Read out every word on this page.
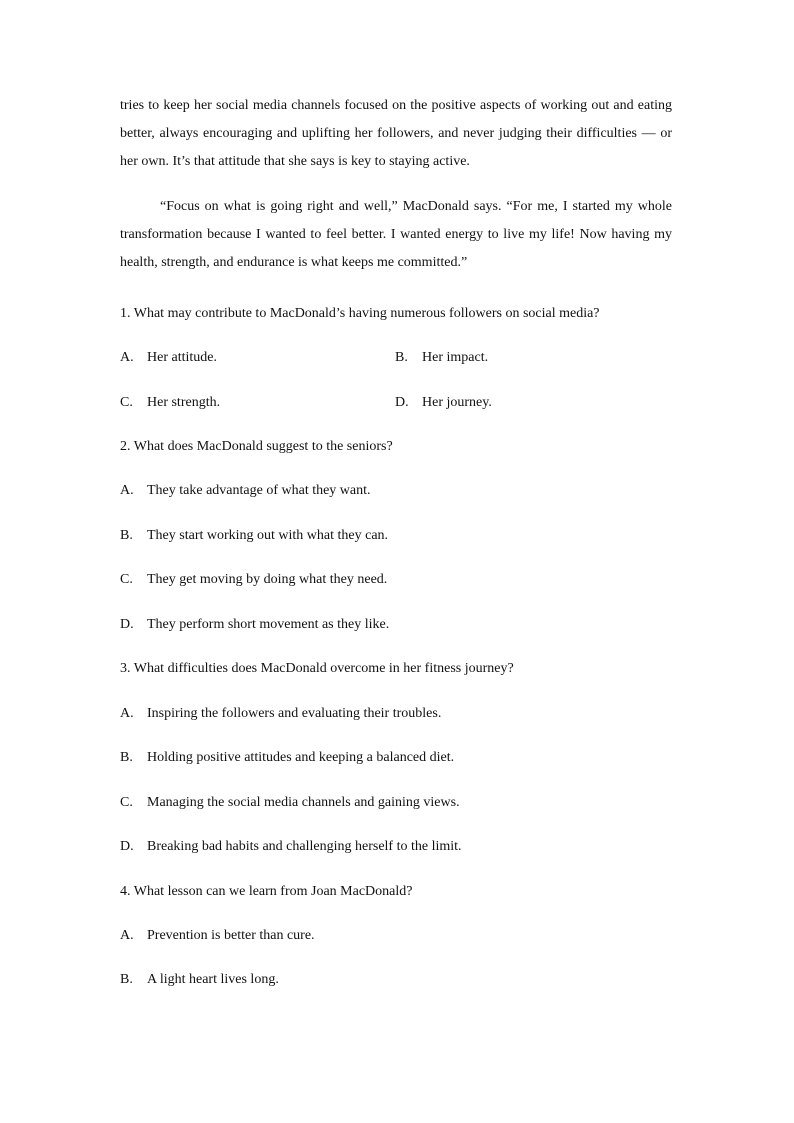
tries to keep her social media channels focused on the positive aspects of working out and eating better, always encouraging and uplifting her followers, and never judging their difficulties — or her own. It’s that attitude that she says is key to staying active.

“Focus on what is going right and well,” MacDonald says. “For me, I started my whole transformation because I wanted to feel better. I wanted energy to live my life! Now having my health, strength, and endurance is what keeps me committed.”

1. What may contribute to MacDonald’s having numerous followers on social media?

A. Her attitude.	B. Her impact.

C. Her strength.	D. Her journey.

2. What does MacDonald suggest to the seniors?

A. They take advantage of what they want.

B. They start working out with what they can.

C. They get moving by doing what they need.

D. They perform short movement as they like.

3. What difficulties does MacDonald overcome in her fitness journey?

A. Inspiring the followers and evaluating their troubles.

B. Holding positive attitudes and keeping a balanced diet.

C. Managing the social media channels and gaining views.

D. Breaking bad habits and challenging herself to the limit.

4. What lesson can we learn from Joan MacDonald?

A. Prevention is better than cure.

B. A light heart lives long.
